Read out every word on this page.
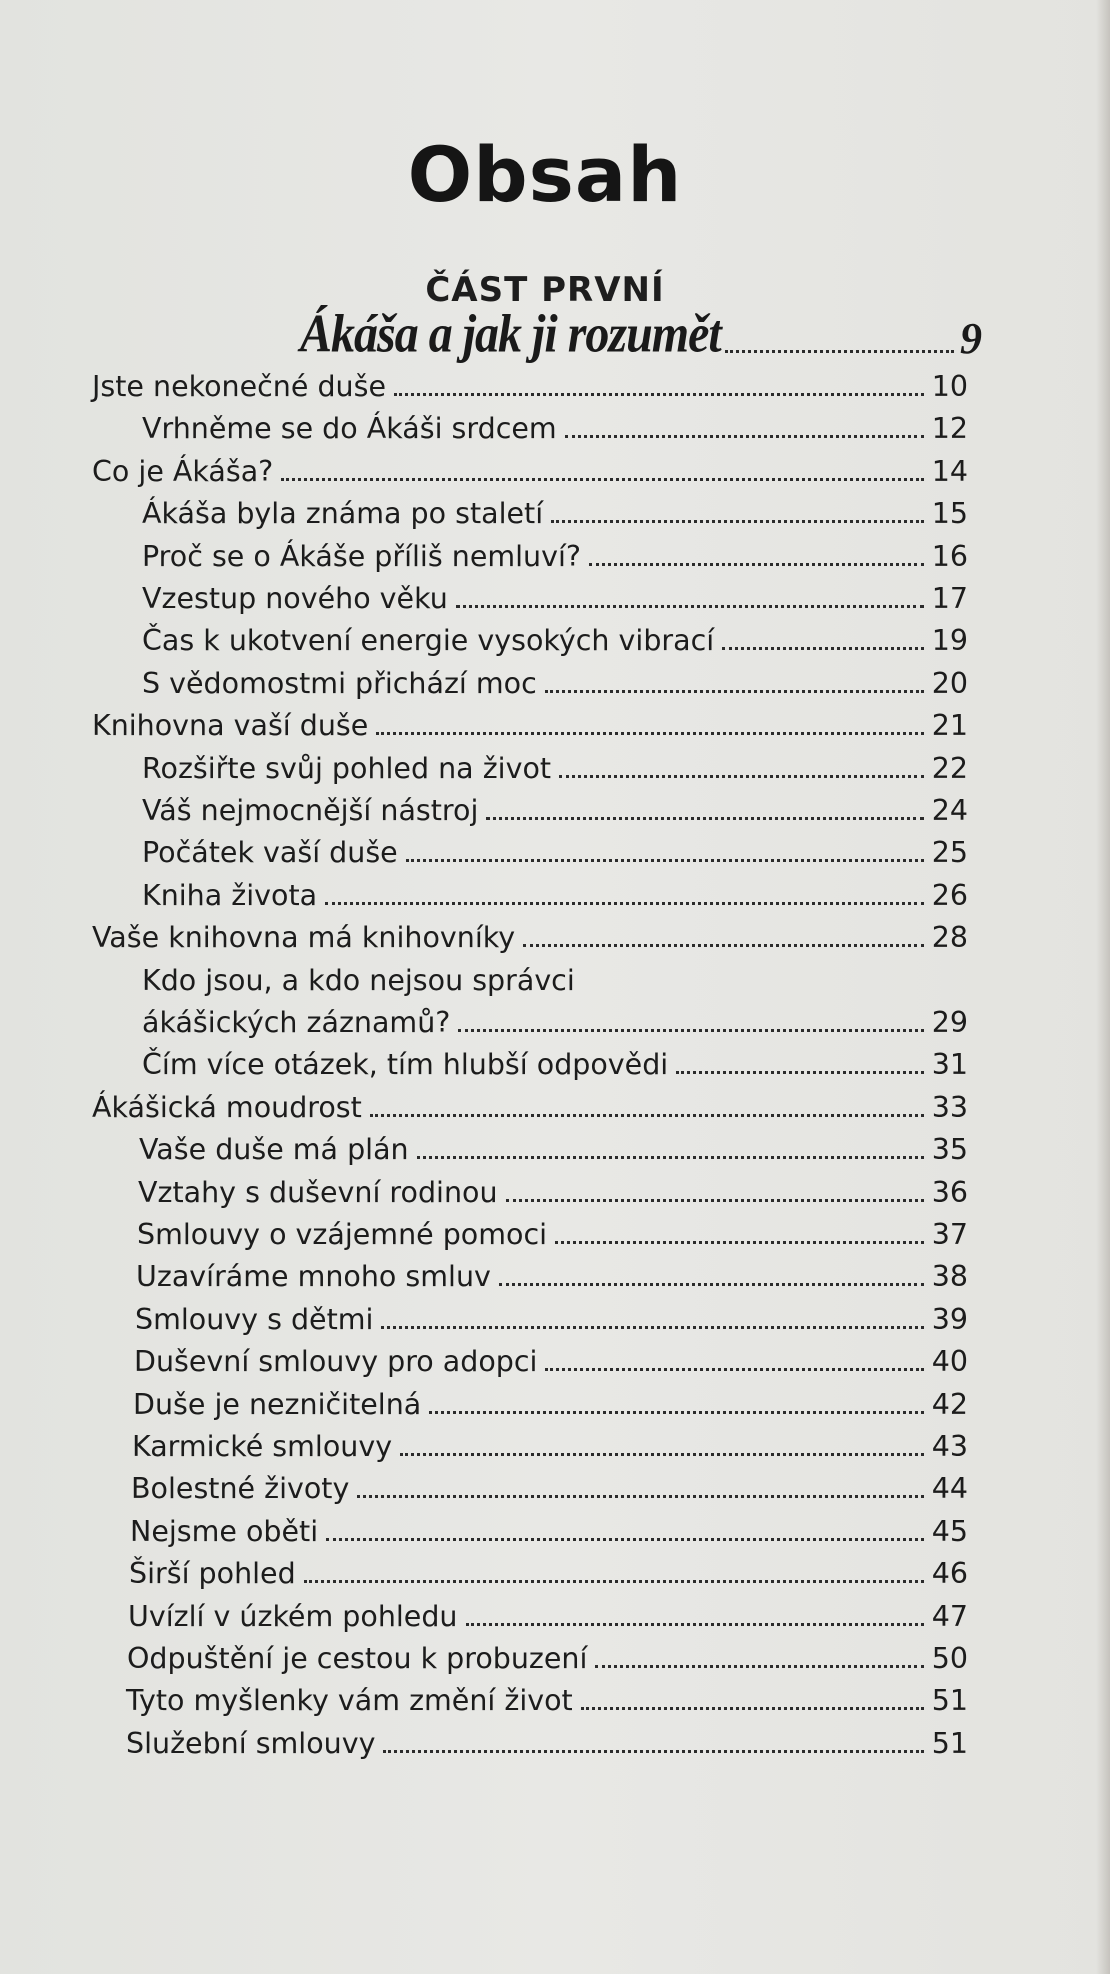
Obsah
ČÁST PRVNÍ
Ákáša a jak ji rozumět	9
Jste nekonečné duše	10
Vrhněme se do Ákáši srdcem	12
Co je Ákáša?	14
Ákáša byla známa po staletí	15
Proč se o Ákáše příliš nemluví?	16
Vzestup nového věku	17
Čas k ukotvení energie vysokých vibrací	19
S vědomostmi přichází moc	20
Knihovna vaší duše	21
Rozšiřte svůj pohled na život	22
Váš nejmocnější nástroj	24
Počátek vaší duše	25
Kniha života	26
Vaše knihovna má knihovníky	28
Kdo jsou, a kdo nejsou správci
ákášických záznamů?	29
Čím více otázek, tím hlubší odpovědi	31
Ákášická moudrost	33
Vaše duše má plán	35
Vztahy s duševní rodinou	36
Smlouvy o vzájemné pomoci	37
Uzavíráme mnoho smluv	38
Smlouvy s dětmi	39
Duševní smlouvy pro adopci	40
Duše je nezničitelná	42
Karmické smlouvy	43
Bolestné životy	44
Nejsme oběti	45
Širší pohled	46
Uvízlí v úzkém pohledu	47
Odpuštění je cestou k probuzení	50
Tyto myšlenky vám změní život	51
Služební smlouvy	51
